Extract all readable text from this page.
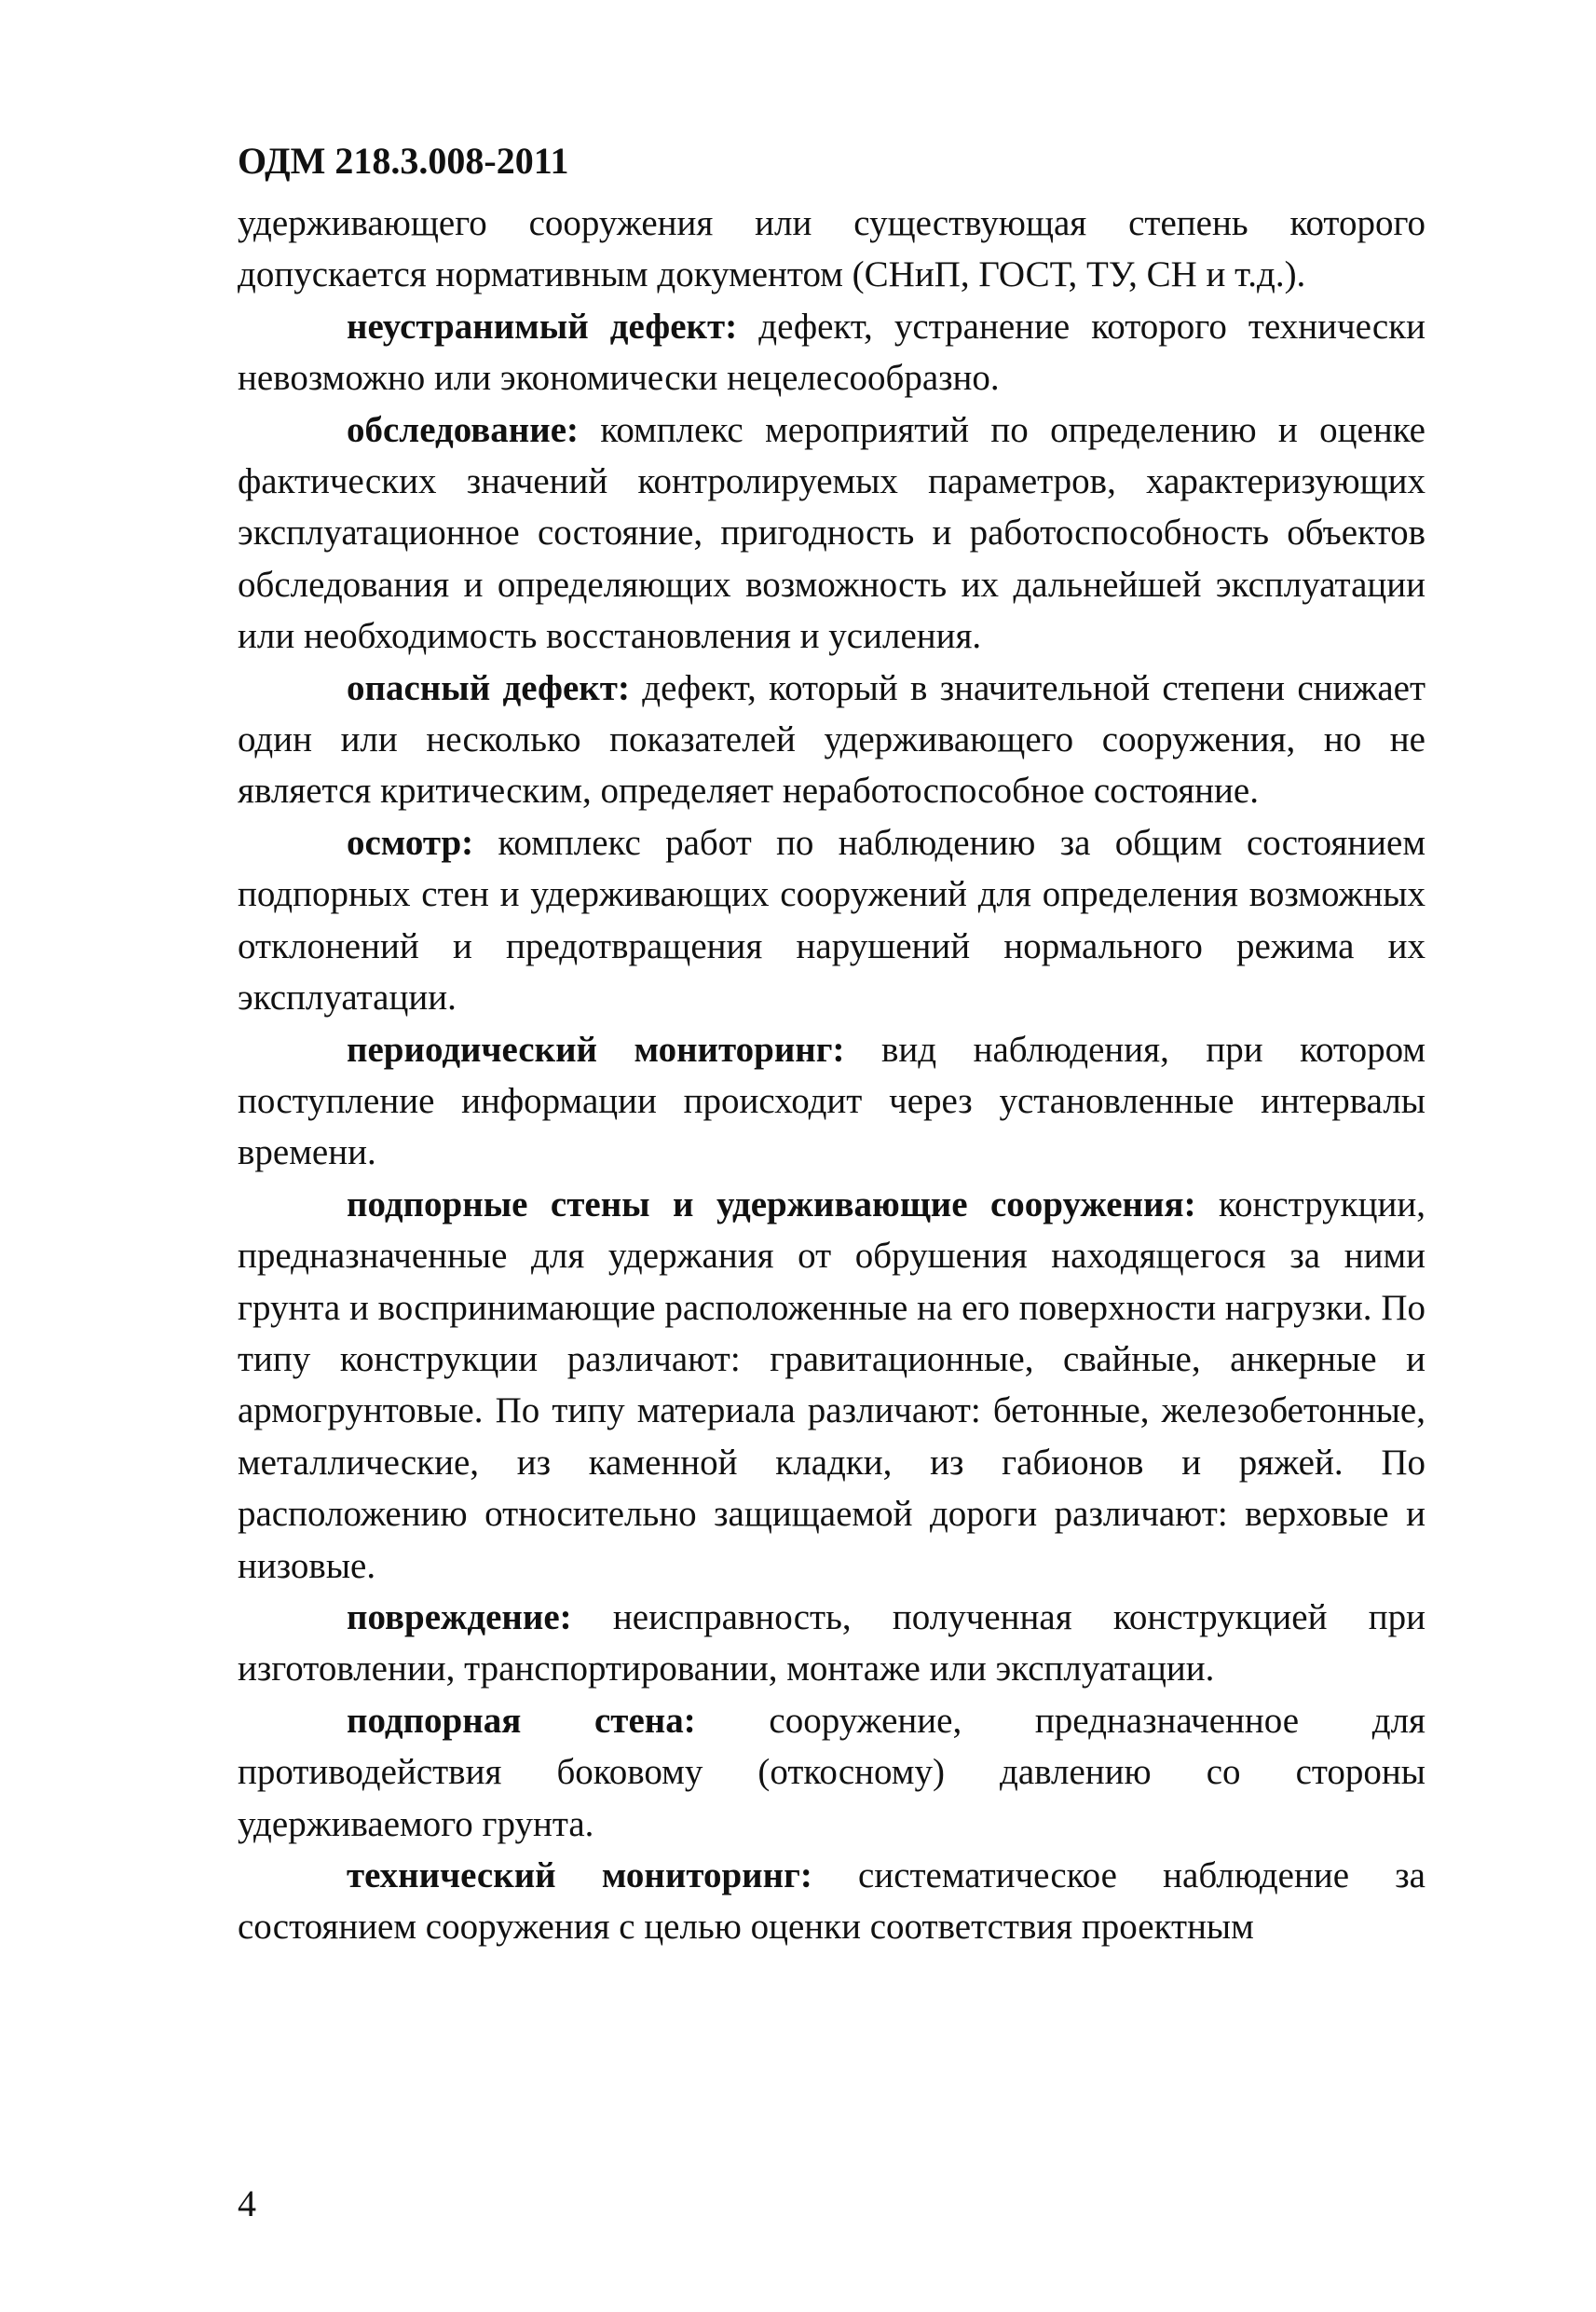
ОДМ 218.3.008-2011

удерживающего сооружения или существующая степень которого допускается нормативным документом (СНиП, ГОСТ, ТУ, СН и т.д.).

неустранимый дефект: дефект, устранение которого технически невозможно или экономически нецелесообразно.

обследование: комплекс мероприятий по определению и оценке фактических значений контролируемых параметров, характеризующих эксплуатационное состояние, пригодность и работоспособность объектов обследования и определяющих возможность их дальнейшей эксплуатации или необходимость восстановления и усиления.

опасный дефект: дефект, который в значительной степени снижает один или несколько показателей удерживающего сооружения, но не является критическим, определяет неработоспособное состояние.

осмотр: комплекс работ по наблюдению за общим состоянием подпорных стен и удерживающих сооружений для определения возможных отклонений и предотвращения нарушений нормального режима их эксплуатации.

периодический мониторинг: вид наблюдения, при котором поступление информации происходит через установленные интервалы времени.

подпорные стены и удерживающие сооружения: конструкции, предназначенные для удержания от обрушения находящегося за ними грунта и воспринимающие расположенные на его поверхности нагрузки. По типу конструкции различают: гравитационные, свайные, анкерные и армогрунтовые. По типу материала различают: бетонные, железобетонные, металлические, из каменной кладки, из габионов и ряжей. По расположению относительно защищаемой дороги различают: верховые и низовые.

повреждение: неисправность, полученная конструкцией при изготовлении, транспортировании, монтаже или эксплуатации.

подпорная стена: сооружение, предназначенное для противодействия боковому (откосному) давлению со стороны удерживаемого грунта.

технический мониторинг: систематическое наблюдение за состоянием сооружения с целью оценки соответствия проектным

4
